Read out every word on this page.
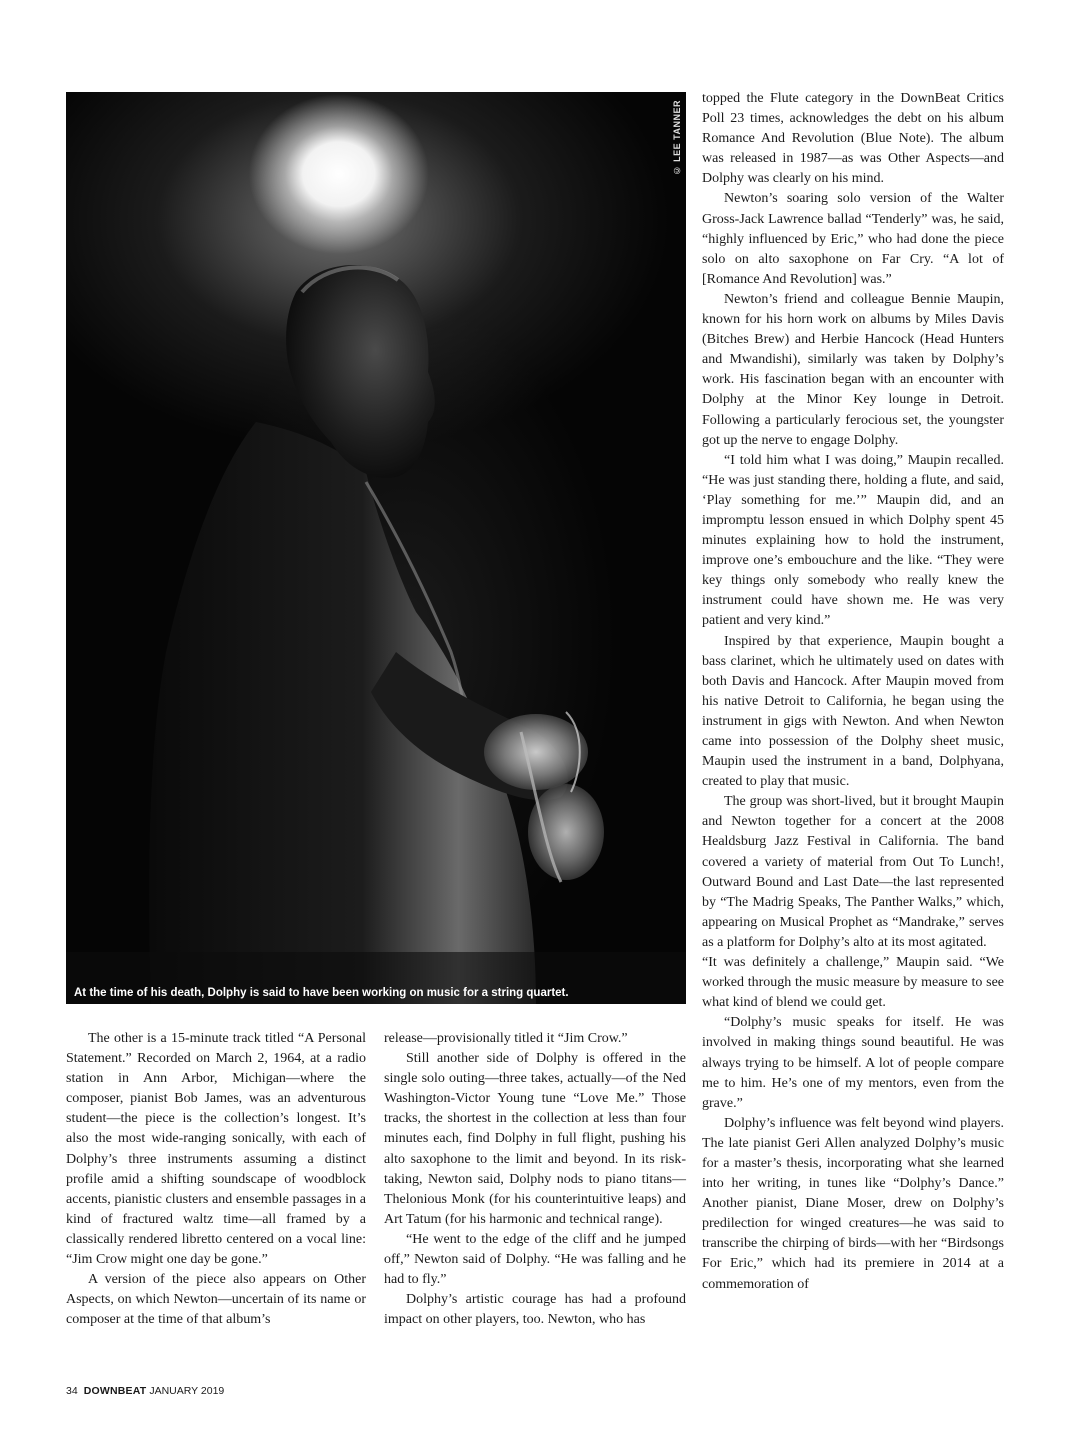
© LEE TANNER
At the time of his death, Dolphy is said to have been working on music for a string quartet.

The other is a 15-minute track titled “A Personal Statement.” Recorded on March 2, 1964, at a radio station in Ann Arbor, Michigan—where the composer, pianist Bob James, was an adventurous student—the piece is the collection’s longest. It’s also the most wide-ranging sonically, with each of Dolphy’s three instruments assuming a distinct profile amid a shifting soundscape of woodblock accents, pianistic clusters and ensemble passages in a kind of fractured waltz time—all framed by a classically rendered libretto centered on a vocal line: “Jim Crow might one day be gone.”

A version of the piece also appears on Other Aspects, on which Newton—uncertain of its name or composer at the time of that album’s

release—provisionally titled it “Jim Crow.”

Still another side of Dolphy is offered in the single solo outing—three takes, actually—of the Ned Washington-Victor Young tune “Love Me.” Those tracks, the shortest in the collection at less than four minutes each, find Dolphy in full flight, pushing his alto saxophone to the limit and beyond. In its risk-taking, Newton said, Dolphy nods to piano titans—Thelonious Monk (for his counterintuitive leaps) and Art Tatum (for his harmonic and technical range).

“He went to the edge of the cliff and he jumped off,” Newton said of Dolphy. “He was falling and he had to fly.”

Dolphy’s artistic courage has had a profound impact on other players, too. Newton, who has

topped the Flute category in the DownBeat Critics Poll 23 times, acknowledges the debt on his album Romance And Revolution (Blue Note). The album was released in 1987—as was Other Aspects—and Dolphy was clearly on his mind.

Newton’s soaring solo version of the Walter Gross-Jack Lawrence ballad “Tenderly” was, he said, “highly influenced by Eric,” who had done the piece solo on alto saxophone on Far Cry. “A lot of [Romance And Revolution] was.”

Newton’s friend and colleague Bennie Maupin, known for his horn work on albums by Miles Davis (Bitches Brew) and Herbie Hancock (Head Hunters and Mwandishi), similarly was taken by Dolphy’s work. His fascination began with an encounter with Dolphy at the Minor Key lounge in Detroit. Following a particularly ferocious set, the youngster got up the nerve to engage Dolphy.

“I told him what I was doing,” Maupin recalled. “He was just standing there, holding a flute, and said, ‘Play something for me.’” Maupin did, and an impromptu lesson ensued in which Dolphy spent 45 minutes explaining how to hold the instrument, improve one’s embouchure and the like. “They were key things only somebody who really knew the instrument could have shown me. He was very patient and very kind.”

Inspired by that experience, Maupin bought a bass clarinet, which he ultimately used on dates with both Davis and Hancock. After Maupin moved from his native Detroit to California, he began using the instrument in gigs with Newton. And when Newton came into possession of the Dolphy sheet music, Maupin used the instrument in a band, Dolphyana, created to play that music.

The group was short-lived, but it brought Maupin and Newton together for a concert at the 2008 Healdsburg Jazz Festival in California. The band covered a variety of material from Out To Lunch!, Outward Bound and Last Date—the last represented by “The Madrig Speaks, The Panther Walks,” which, appearing on Musical Prophet as “Mandrake,” serves as a platform for Dolphy’s alto at its most agitated.

“It was definitely a challenge,” Maupin said. “We worked through the music measure by measure to see what kind of blend we could get.

“Dolphy’s music speaks for itself. He was involved in making things sound beautiful. He was always trying to be himself. A lot of people compare me to him. He’s one of my mentors, even from the grave.”

Dolphy’s influence was felt beyond wind players. The late pianist Geri Allen analyzed Dolphy’s music for a master’s thesis, incorporating what she learned into her writing, in tunes like “Dolphy’s Dance.” Another pianist, Diane Moser, drew on Dolphy’s predilection for winged creatures—he was said to transcribe the chirping of birds—with her “Birdsongs For Eric,” which had its premiere in 2014 at a commemoration of

34 DOWNBEAT JANUARY 2019
